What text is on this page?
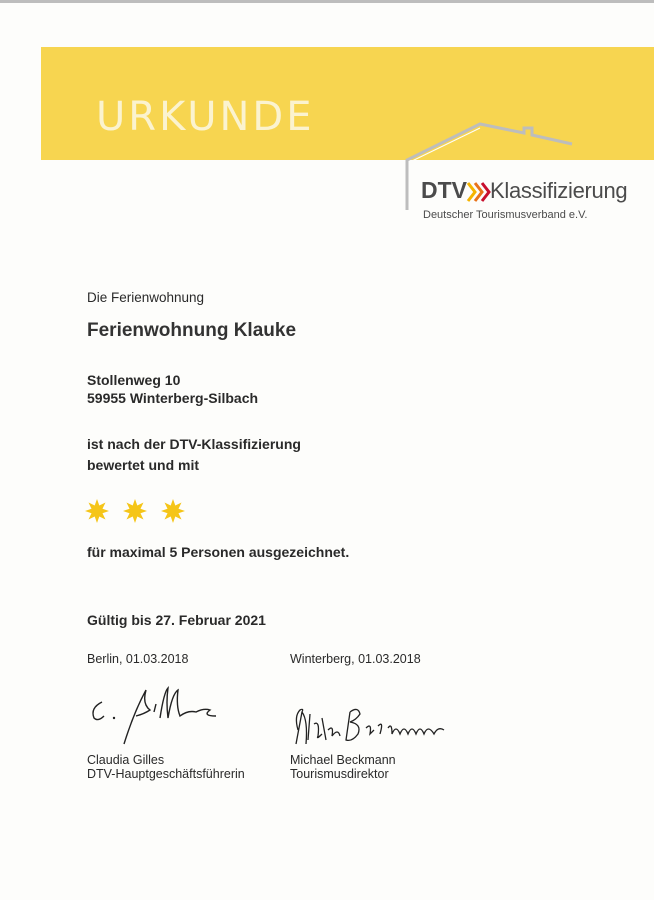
URKUNDE
DTV Klassifizierung
Deutscher Tourismusverband e.V.
Die Ferienwohnung
Ferienwohnung Klauke
Stollenweg 10
59955 Winterberg-Silbach
ist nach der DTV-Klassifizierung
bewertet und mit
für maximal 5 Personen ausgezeichnet.
Gültig bis 27. Februar 2021
Berlin, 01.03.2018	Winterberg, 01.03.2018
Claudia Gilles
DTV-Hauptgeschäftsführerin
Michael Beckmann
Tourismusdirektor
